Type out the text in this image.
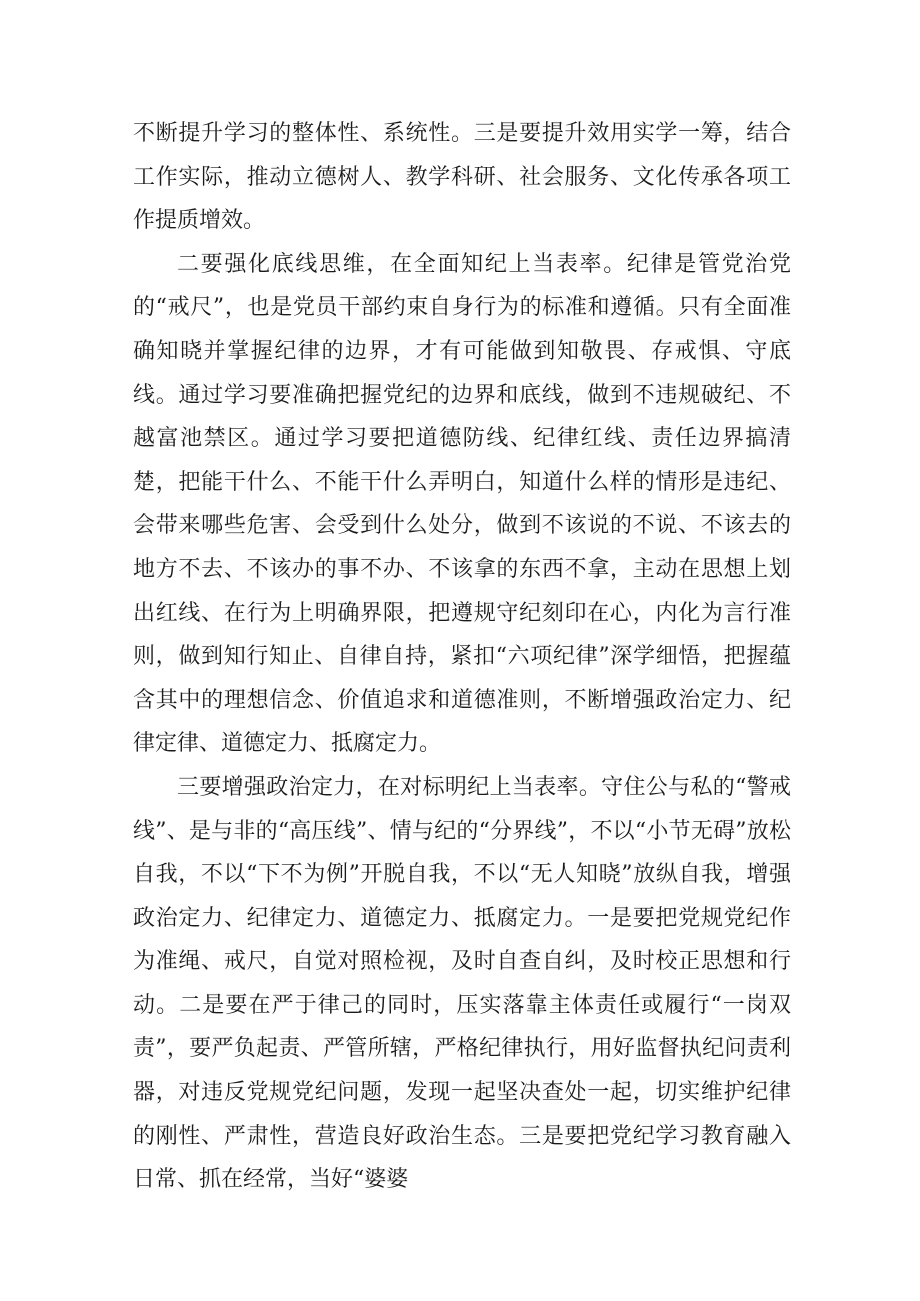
不断提升学习的整体性、系统性。三是要提升效用实学一筹，结合工作实际，推动立德树人、教学科研、社会服务、文化传承各项工作提质增效。

二要强化底线思维，在全面知纪上当表率。纪律是管党治党的“戒尺”，也是党员干部约束自身行为的标准和遵循。只有全面准确知晓并掌握纪律的边界，才有可能做到知敬畏、存戒惧、守底线。通过学习要准确把握党纪的边界和底线，做到不违规破纪、不越富池禁区。通过学习要把道德防线、纪律红线、责任边界搞清楚，把能干什么、不能干什么弄明白，知道什么样的情形是违纪、会带来哪些危害、会受到什么处分，做到不该说的不说、不该去的地方不去、不该办的事不办、不该拿的东西不拿，主动在思想上划出红线、在行为上明确界限，把遵规守纪刻印在心，内化为言行准则，做到知行知止、自律自持，紧扣“六项纪律”深学细悟，把握蕴含其中的理想信念、价值追求和道德准则，不断增强政治定力、纪律定律、道德定力、抵腐定力。

三要增强政治定力，在对标明纪上当表率。守住公与私的“警戒线”、是与非的“高压线”、情与纪的“分界线”，不以“小节无碍”放松自我，不以“下不为例”开脱自我，不以“无人知晓”放纵自我，增强政治定力、纪律定力、道德定力、抵腐定力。一是要把党规党纪作为准绳、戒尺，自觉对照检视，及时自查自纠，及时校正思想和行动。二是要在严于律己的同时，压实落靠主体责任或履行“一岗双责”，要严负起责、严管所辖，严格纪律执行，用好监督执纪问责利器，对违反党规党纪问题，发现一起坚决查处一起，切实维护纪律的刚性、严肃性，营造良好政治生态。三是要把党纪学习教育融入日常、抓在经常，当好“婆婆
